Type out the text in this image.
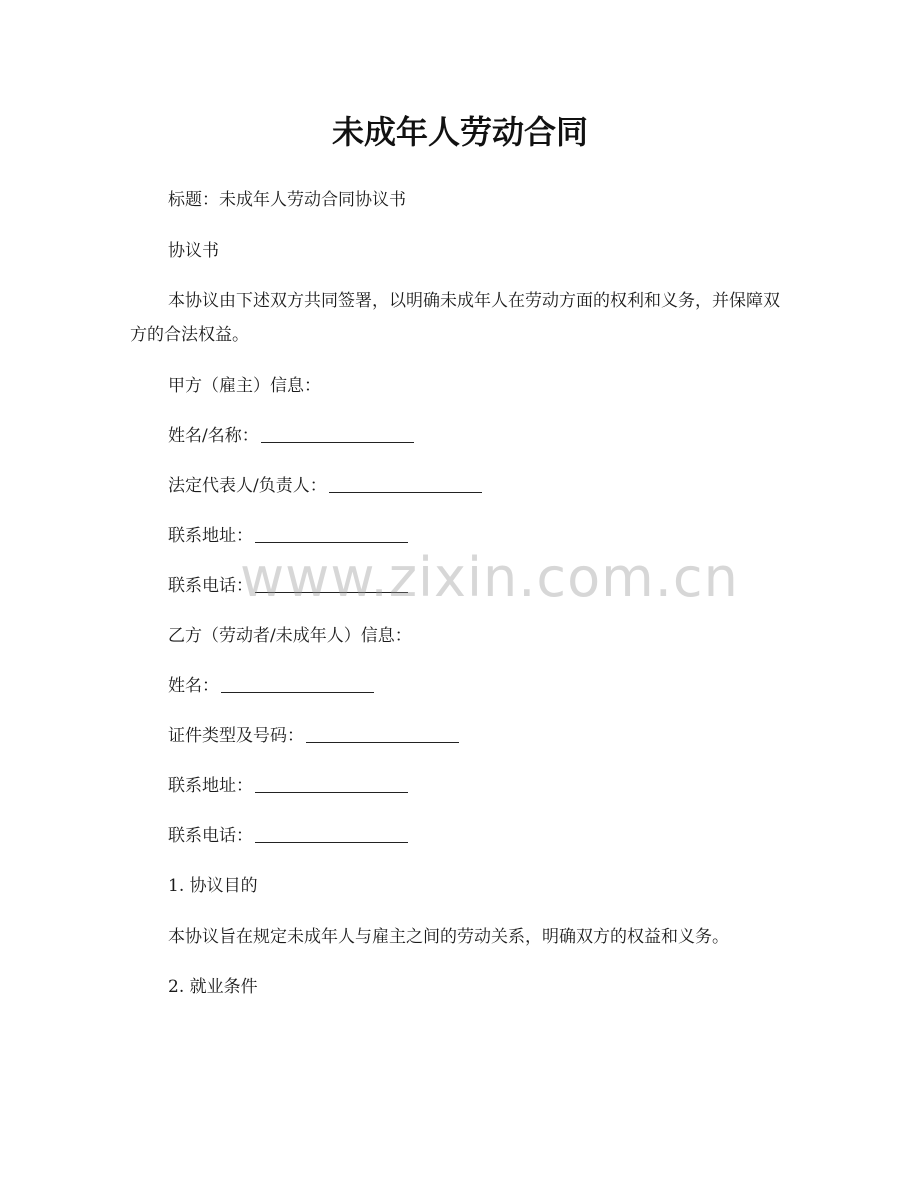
未成年人劳动合同
标题：未成年人劳动合同协议书
协议书
本协议由下述双方共同签署，以明确未成年人在劳动方面的权利和义务，并保障双方的合法权益。
甲方（雇主）信息：
姓名/名称：
法定代表人/负责人：
联系地址：
联系电话：
乙方（劳动者/未成年人）信息：
姓名：
证件类型及号码：
联系地址：
联系电话：
1. 协议目的
本协议旨在规定未成年人与雇主之间的劳动关系，明确双方的权益和义务。
2. 就业条件
www.zixin.com.cn
